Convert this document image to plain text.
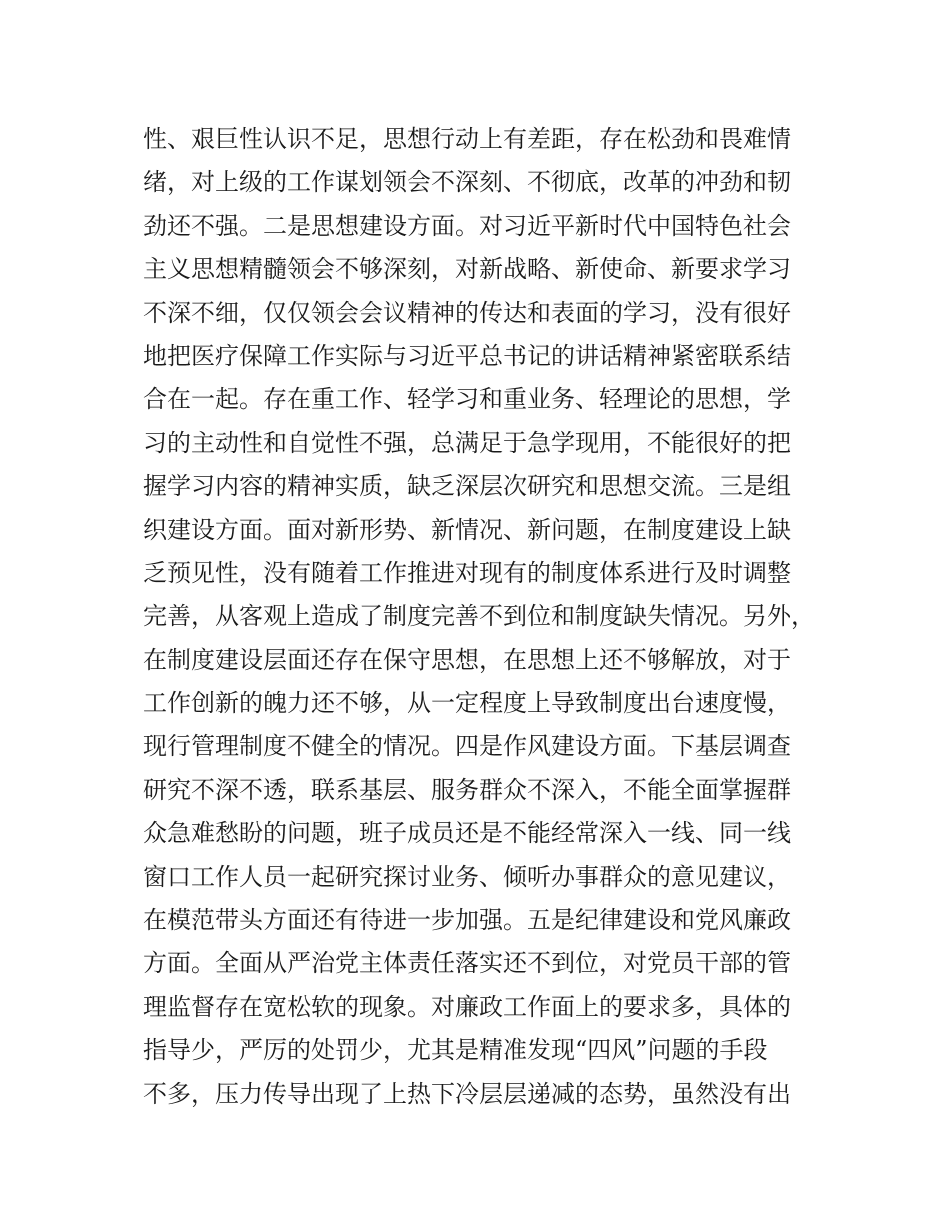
性、艰巨性认识不足，思想行动上有差距，存在松劲和畏难情
绪，对上级的工作谋划领会不深刻、不彻底，改革的冲劲和韧
劲还不强。二是思想建设方面。对习近平新时代中国特色社会
主义思想精髓领会不够深刻，对新战略、新使命、新要求学习
不深不细，仅仅领会会议精神的传达和表面的学习，没有很好
地把医疗保障工作实际与习近平总书记的讲话精神紧密联系结
合在一起。存在重工作、轻学习和重业务、轻理论的思想，学
习的主动性和自觉性不强，总满足于急学现用，不能很好的把
握学习内容的精神实质，缺乏深层次研究和思想交流。三是组
织建设方面。面对新形势、新情况、新问题，在制度建设上缺
乏预见性，没有随着工作推进对现有的制度体系进行及时调整
完善，从客观上造成了制度完善不到位和制度缺失情况。另外，
在制度建设层面还存在保守思想，在思想上还不够解放，对于
工作创新的魄力还不够，从一定程度上导致制度出台速度慢，
现行管理制度不健全的情况。四是作风建设方面。下基层调查
研究不深不透，联系基层、服务群众不深入，不能全面掌握群
众急难愁盼的问题，班子成员还是不能经常深入一线、同一线
窗口工作人员一起研究探讨业务、倾听办事群众的意见建议，
在模范带头方面还有待进一步加强。五是纪律建设和党风廉政
方面。全面从严治党主体责任落实还不到位，对党员干部的管
理监督存在宽松软的现象。对廉政工作面上的要求多，具体的
指导少，严厉的处罚少，尤其是精准发现“四风”问题的手段
不多，压力传导出现了上热下冷层层递减的态势，虽然没有出
